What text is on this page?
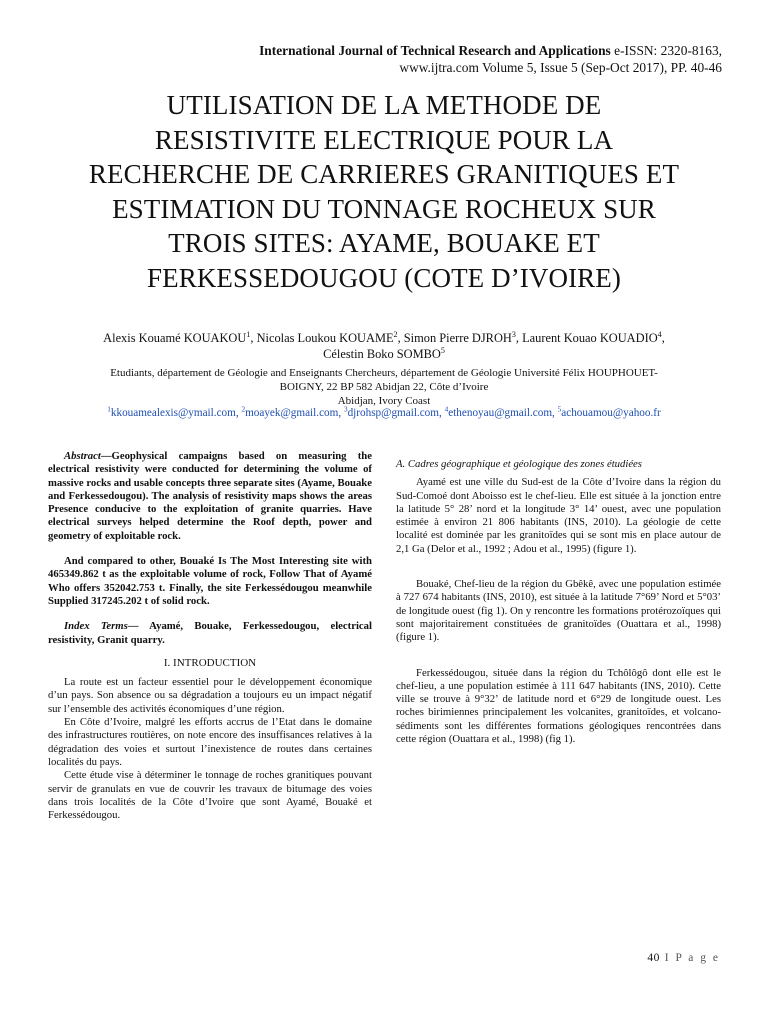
International Journal of Technical Research and Applications e-ISSN: 2320-8163,
www.ijtra.com Volume 5, Issue 5 (Sep-Oct 2017), PP. 40-46
UTILISATION DE LA METHODE DE
RESISTIVITE ELECTRIQUE POUR LA
RECHERCHE DE CARRIERES GRANITIQUES ET
ESTIMATION DU TONNAGE ROCHEUX SUR
TROIS SITES: AYAME, BOUAKE ET
FERKESSEDOUGOU (COTE D’IVOIRE)
Alexis Kouamé KOUAKOU$^1$, Nicolas Loukou KOUAME$^2$, Simon Pierre DJROH$^3$, Laurent Kouao KOUADIO$^4$,
Célestin Boko SOMBO$^5$
Etudiants, département de Géologie and Enseignants Chercheurs, département de Géologie Université Félix HOUPHOUET-
BOIGNY, 22 BP 582 Abidjan 22, Côte d’Ivoire
Abidjan, Ivory Coast
$^1$kkouamealexis@ymail.com, $^2$moayek@gmail.com, $^3$djrohsp@gmail.com, $^4$ethenoyau@gmail.com, $^5$achouamou@yahoo.fr

Abstract—Geophysical campaigns based on measuring the electrical resistivity were conducted for determining the volume of massive rocks and usable concepts three separate sites (Ayame, Bouake and Ferkessedougou). The analysis of resistivity maps shows the areas Presence conducive to the exploitation of granite quarries. Have electrical surveys helped determine the Roof depth, power and geometry of exploitable rock.

And compared to other, Bouaké Is The Most Interesting site with 465349.862 t as the exploitable volume of rock, Follow That of Ayamé Who offers 352042.753 t. Finally, the site Ferkessédougou meanwhile Supplied 317245.202 t of solid rock.

Index Terms— Ayamé, Bouake, Ferkessedougou, electrical resistivity, Granit quarry.

I. INTRODUCTION

La route est un facteur essentiel pour le développement économique d’un pays. Son absence ou sa dégradation a toujours eu un impact négatif sur l’ensemble des activités économiques d’une région.

En Côte d’Ivoire, malgré les efforts accrus de l’Etat dans le domaine des infrastructures routières, on note encore des insuffisances relatives à la dégradation des voies et surtout l’inexistence de routes dans certaines localités du pays.

Cette étude vise à déterminer le tonnage de roches granitiques pouvant servir de granulats en vue de couvrir les travaux de bitumage des voies dans trois localités de la Côte d’Ivoire que sont Ayamé, Bouaké et Ferkessédougou.

A. Cadres géographique et géologique des zones étudiées

Ayamé est une ville du Sud-est de la Côte d’Ivoire dans la région du Sud-Comoé dont Aboisso est le chef-lieu. Elle est située à la jonction entre la latitude 5° 28’ nord et la longitude 3° 14’ ouest, avec une population estimée à environ 21 806 habitants (INS, 2010). La géologie de cette localité est dominée par les granitoïdes qui se sont mis en place autour de 2,1 Ga (Delor et al., 1992 ; Adou et al., 1995) (figure 1).

Bouaké, Chef-lieu de la région du Gbêkê, avec une population estimée à 727 674 habitants (INS, 2010), est située à la latitude 7°69’ Nord et 5°03’ de longitude ouest (fig 1). On y rencontre les formations protérozoïques qui sont majoritairement constituées de granitoïdes (Ouattara et al., 1998) (figure 1).

Ferkessédougou, située dans la région du Tchôlôgô dont elle est le chef-lieu, a une population estimée à 111 647 habitants (INS, 2010). Cette ville se trouve à 9°32’ de latitude nord et 6°29 de longitude ouest. Les roches birimiennes principalement les volcanites, granitoïdes, et volcano-sédiments sont les différentes formations géologiques rencontrées dans cette région (Ouattara et al., 1998) (fig 1).

40 I P a g e
